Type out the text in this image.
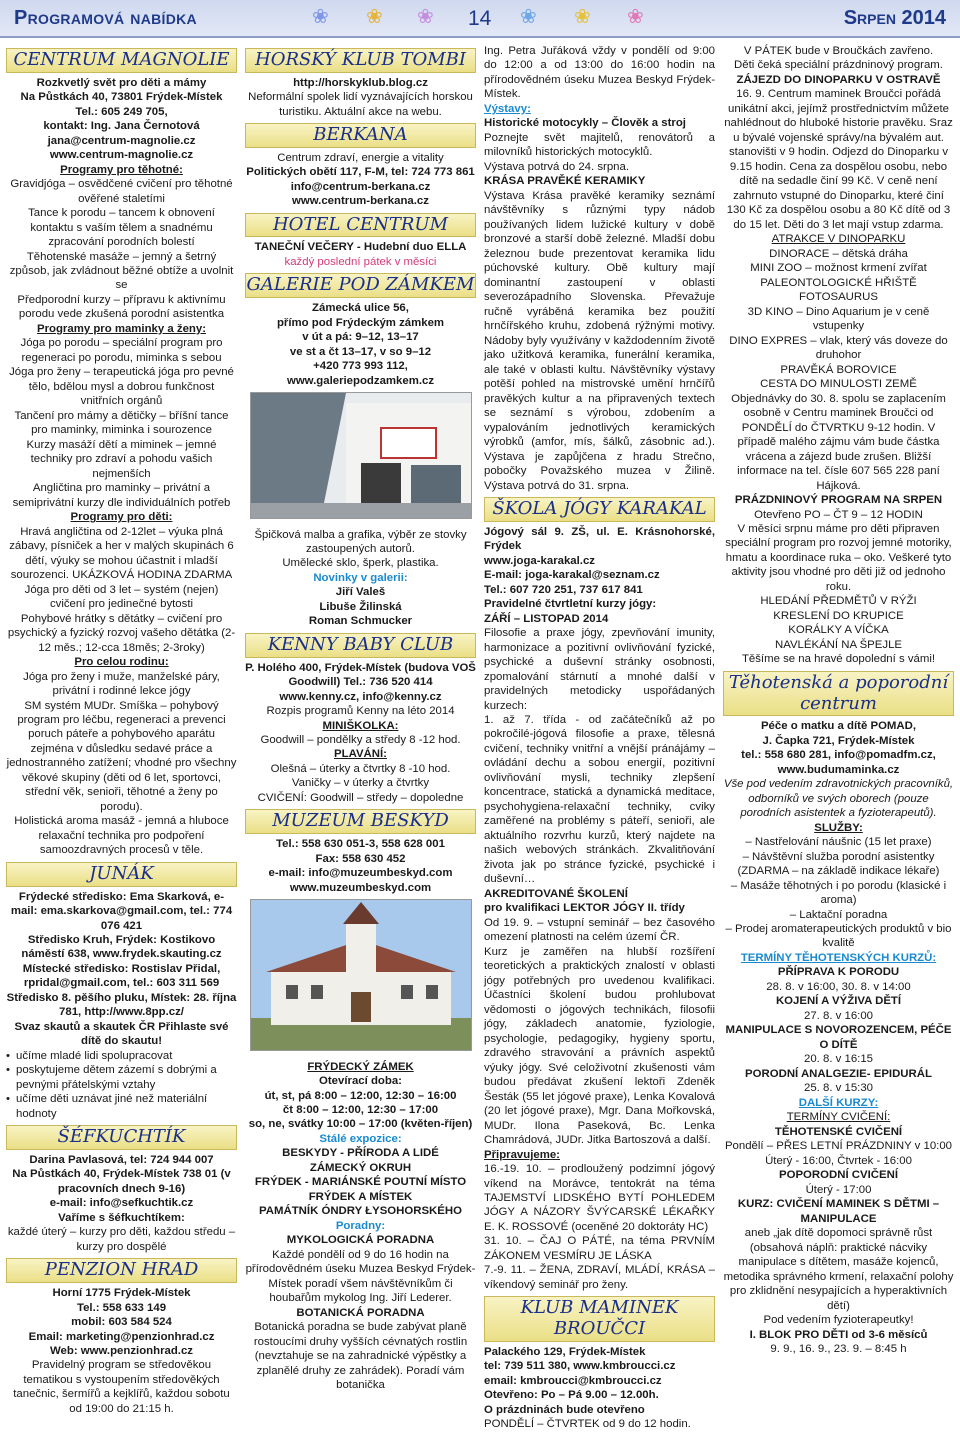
Programová nabídka	❀ ❀ ❀ 14 ❀ ❀ ❀	Srpen 2014
CENTRUM MAGNOLIE

Rozkvetlý svět pro děti a mámy

Na Půstkách 40, 73801 Frýdek-Místek

Tel.: 605 249 705,

kontakt: Ing. Jana Černotová

jana@centrum-magnolie.cz

www.centrum-magnolie.cz

Programy pro těhotné:

Gravidjóga – osvědčené cvičení pro těhotné ověřené staletími

Tance k porodu – tancem k obnovení kontaktu s vaším tělem a snadnému zpracování porodních bolestí

Těhotenské masáže – jemný a šetrný způsob, jak zvládnout běžné obtíže a uvolnit se

Předporodní kurzy – přípravu k aktivnímu porodu vede zkušená porodní asistentka

Programy pro maminky a ženy:

Jóga po porodu – speciální program pro regeneraci po porodu, miminka s sebou

Jóga pro ženy – terapeutická jóga pro pevné tělo, bdělou mysl a dobrou funkčnost vnitřních orgánů

Tančení pro mámy a dětičky – bříšní tance pro maminky, miminka i sourozence

Kurzy masáží dětí a miminek – jemné techniky pro zdraví a pohodu vašich nejmenších

Angličtina pro maminky – privátní a semiprivátní kurzy dle individuálních potřeb

Programy pro děti:

Hravá angličtina od 2-12let – výuka plná zábavy, písniček a her v malých skupinách 6 dětí, výuky se mohou účastnit i mladší sourozenci. UKÁZKOVÁ HODINA ZDARMA

Jóga pro děti od 3 let – systém (nejen) cvičení pro jedinečné bytosti

Pohybové hrátky s dětátky – cvičení pro psychický a fyzický rozvoj vašeho dětátka (2-12 měs.; 12-cca 18měs; 2-3roky)

Pro celou rodinu:

Jóga pro ženy i muže, manželské páry, privátní i rodinné lekce jógy

SM systém MUDr. Smíška – pohybový program pro léčbu, regeneraci a prevenci poruch páteře a pohybového aparátu zejména v důsledku sedavé práce a jednostranného zatížení; vhodné pro všechny věkové skupiny (děti od 6 let, sportovci, střední věk, senioři, těhotné a ženy po porodu).

Holistická aroma masáž - jemná a hluboce relaxační technika pro podpoření samoozdravných procesů v těle.

JUNÁK

Frýdecké středisko: Ema Skarková, e-mail: ema.skarkova@gmail.com, tel.: 774 076 421

Středisko Kruh, Frýdek: Kostikovo náměstí 638, www.frydek.skauting.cz

Místecké středisko: Rostislav Přidal, rpridal@gmail.com, tel.: 603 311 569

Středisko 8. pěšího pluku, Místek: 28. října 781, http://www.8pp.cz/

Svaz skautů a skautek ČR Přihlaste své dítě do skautu!

• učíme mladé lidi spolupracovat
• poskytujeme dětem zázemí s dobrými a pevnými přátelskými vztahy
• učíme děti uznávat jiné než materiální hodnoty
ŠÉFKUCHTÍK

Darina Pavlasová, tel: 724 944 007

Na Půstkách 40, Frýdek-Místek 738 01 (v pracovních dnech 9-16)

e-mail: info@sefkuchtik.cz

Vaříme s šéfkuchtíkem:

každé úterý – kurzy pro děti, každou středu – kurzy pro dospělé

PENZION HRAD

Horní 1775 Frýdek-Místek

Tel.: 558 633 149

mobil: 603 584 524

Email: marketing@penzionhrad.cz

Web: www.penzionhrad.cz

Pravidelný program se středověkou tematikou s vystoupením středověkých tanečnic, šermířů a kejklířů, každou sobotu od 19:00 do 21:15 h.

HORSKÝ KLUB TOMBI

http://horskyklub.blog.cz

Neformální spolek lidí vyznávajících horskou turistiku. Aktuální akce na webu.

BERKANA

Centrum zdraví, energie a vitality

Politických obětí 117, F-M, tel: 724 773 861

info@centrum-berkana.cz

www.centrum-berkana.cz

HOTEL CENTRUM

TANEČNÍ VEČERY - Hudební duo ELLA

každý poslední pátek v měsíci

GALERIE POD ZÁMKEM

Zámecká ulice 56,

přímo pod Frýdeckým zámkem

v út a pá: 9–12, 13–17

ve st a čt 13–17, v so 9–12

+420 773 993 112,

www.galeriepodzamkem.cz

Špičková malba a grafika, výběr ze stovky zastoupených autorů.

Umělecké sklo, šperk, plastika.

Novinky v galerii:

Jiří Valeš

Libuše Žilinská

Roman Schmucker

KENNY BABY CLUB

P. Holého 400, Frýdek-Místek (budova VOŠ Goodwill) Tel.: 736 520 414

www.kenny.cz, info@kenny.cz

Rozpis programů Kenny na léto 2014

MINIŠKOLKA:

Goodwill – pondělky a středy 8 -12 hod.

PLAVÁNÍ:

Olešná – úterky a čtvrtky 8 -10 hod.

Vaničky – v úterky a čtvrtky

CVIČENÍ: Goodwill – středy – dopoledne

MUZEUM BESKYD

Tel.: 558 630 051-3, 558 628 001

Fax: 558 630 452

e-mail: info@muzeumbeskyd.com

www.muzeumbeskyd.com

FRÝDECKÝ ZÁMEK

Otevírací doba:

út, st, pá 8:00 – 12:00, 12:30 – 16:00

čt 8:00 – 12:00, 12:30 – 17:00

so, ne, svátky 10:00 – 17:00 (květen-říjen)

Stálé expozice:

BESKYDY - PŘÍRODA A LIDÉ

ZÁMECKÝ OKRUH

FRÝDEK - MARIÁNSKÉ POUTNÍ MÍSTO

FRÝDEK A MÍSTEK

PAMÁTNÍK ÓNDRY ŁYSOHORSKÉHO

Poradny:

MYKOLOGICKÁ PORADNA

Každé pondělí od 9 do 16 hodin na přírodovědném úseku Muzea Beskyd Frýdek-Místek poradí všem návštěvníkům či houbařům mykolog Ing. Jiří Lederer.

BOTANICKÁ PORADNA

Botanická poradna se bude zabývat planě rostoucími druhy vyšších cévnatých rostlin (nevztahuje se na zahradnické výpěstky a zplanělé druhy ze zahrádek). Poradí vám botanička

Ing. Petra Juřáková vždy v pondělí od 9:00 do 12:00 a od 13:00 do 16:00 hodin na přírodovědném úseku Muzea Beskyd Frýdek-Místek.

Výstavy:

Historické motocykly – Člověk a stroj

Poznejte svět majitelů, renovátorů a milovníků historických motocyklů.

Výstava potrvá do 24. srpna.

KRÁSA PRAVĚKÉ KERAMIKY

Výstava Krása pravěké keramiky seznámí návštěvníky s různými typy nádob používaných lidem lužické kultury v době bronzové a starší době železné. Mladší dobu železnou bude prezentovat keramika lidu púchovské kultury. Obě kultury mají dominantní zastoupení v oblasti severozápadního Slovenska. Převažuje ručně vyráběná keramika bez použití hrnčířského kruhu, zdobená rýžnými motivy. Nádoby byly využívány v každodenním životě jako užitková keramika, funerální keramika, ale také v oblasti kultu. Návštěvníky výstavy potěší pohled na mistrovské umění hrnčířů pravěkých kultur a na připravených textech se seznámí s výrobou, zdobením a vypalováním jednotlivých keramických výrobků (amfor, mís, šálků, zásobnic ad.). Výstava je zapůjčena z hradu Strečno, pobočky Považského muzea v Žilině. Výstava potrvá do 31. srpna.

ŠKOLA JÓGY KARAKAL

Jógový sál 9. ZŠ, ul. E. Krásnohorské, Frýdek

www.joga-karakal.cz

E-mail: joga-karakal@seznam.cz

Tel.: 607 720 251, 737 617 841

Pravidelné čtvrtletní kurzy jógy:

ZÁŘÍ – LISTOPAD 2014

Filosofie a praxe jógy, zpevňování imunity, harmonizace a pozitivní ovlivňování fyzické, psychické a duševní stránky osobnosti, zpomalování stárnutí a mnohé další v pravidelných metodicky uspořádaných kurzech:

1. až 7. třída - od začátečníků až po pokročilé-jógová filosofie a praxe, tělesná cvičení, techniky vnitřní a vnější pránájámy – ovládání dechu a sobou energií, pozitivní ovlivňování mysli, techniky zlepšení koncentrace, statická a dynamická meditace, psychohygiena-relaxační techniky, cviky zaměřené na problémy s páteří, senioři, ale aktuálního rozvrhu kurzů, který najdete na našich webových stránkách. Zkvalitňování života jak po stránce fyzické, psychické i duševní…

AKREDITOVANÉ ŠKOLENÍ

pro kvalifikaci LEKTOR JÓGY II. třídy

Od 19. 9. – vstupní seminář – bez časového omezení platnosti na celém území ČR.

Kurz je zaměřen na hlubší rozšíření teoretických a praktických znalostí v oblasti jógy potřebných pro uvedenou kvalifikaci. Účastníci školení budou prohlubovat vědomosti o jógových technikách, filosofii jógy, základech anatomie, fyziologie, psychologie, pedagogiky, hygieny sportu, zdravého stravování a právních aspektů výuky jógy. Své celoživotní zkušenosti vám budou předávat zkušení lektoři Zdeněk Šesták (55 let jógové praxe), Lenka Kovalová (20 let jógové praxe), Mgr. Dana Mořkovská, MUDr. Ilona Paseková, Bc. Lenka Chamrádová, JUDr. Jitka Bartoszová a další.

Připravujeme:

16.-19. 10. – prodloužený podzimní jógový víkend na Morávce, tentokrát na téma TAJEMSTVÍ LIDSKÉHO BYTÍ POHLEDEM JÓGY A NÁZORY ŠVÝCARSKÉ LÉKAŘKY E. K. ROSSOVÉ (oceněné 20 doktoráty HC)

31. 10. – ČAJ O PÁTÉ, na téma PRVNÍM ZÁKONEM VESMÍRU JE LÁSKA

7.-9. 11. – ŽENA, ZDRAVÍ, MLÁDÍ, KRÁSA – víkendový seminář pro ženy.

KLUB MAMINEK BROUČCI

Palackého 129, Frýdek-Místek

tel: 739 511 380, www.kmbroucci.cz

email: kmbroucci@kmbroucci.cz

Otevřeno: Po – Pá 9.00 – 12.00h.

O prázdninách bude otevřeno

PONDĚLÍ – ČTVRTEK od 9 do 12 hodin.

V PÁTEK bude v Broučkách zavřeno.

Děti čeká speciální prázdninový program.

ZÁJEZD DO DINOPARKU V OSTRAVĚ

16. 9. Centrum maminek Broučci pořádá unikátní akci, jejímž prostřednictvím můžete nahlédnout do hluboké historie pravěku. Sraz u bývalé vojenské správy/na bývalém aut. stanovišti v 9 hodin. Odjezd do Dinoparku v 9.15 hodin. Cena za dospělou osobu, nebo dítě na sedadle činí 99 Kč. V ceně není zahrnuto vstupné do Dinoparku, které činí 130 Kč za dospělou osobu a 80 Kč dítě od 3 do 15 let. Děti do 3 let mají vstup zdarma.

ATRAKCE V DINOPARKU

DINORACE – dětská dráha

MINI ZOO – možnost krmení zvířat

PALEONTOLOGICKÉ HŘIŠTĚ

FOTOSAURUS

3D KINO – Dino Aquarium je v ceně vstupenky

DINO EXPRES – vlak, který vás doveze do druhohor

PRAVĚKÁ BOROVICE

CESTA DO MINULOSTI ZEMĚ

Objednávky do 30. 8. spolu se zaplacením osobně v Centru maminek Broučci od PONDĚLÍ do ČTVRTKU 9-12 hodin. V případě malého zájmu vám bude částka vrácena a zájezd bude zrušen. Bližší informace na tel. čísle 607 565 228 paní Hájková.

PRÁZDNINOVÝ PROGRAM NA SRPEN

Otevřeno PO – ČT 9 – 12 HODIN

V měsíci srpnu máme pro děti připraven speciální program pro rozvoj jemné motoriky, hmatu a koordinace ruka – oko. Veškeré tyto aktivity jsou vhodné pro děti již od jednoho roku.

HLEDÁNÍ PŘEDMĚTŮ V RÝŽI

KRESLENÍ DO KRUPICE

KORÁLKY A VÍČKA

NAVLÉKÁNÍ NA ŠPEJLE

Těšíme se na hravé dopolední s vámi!

Těhotenská a poporodní centrum

Péče o matku a dítě POMAD,

J. Čapka 721, Frýdek-Místek

tel.: 558 680 281, info@pomadfm.cz,

www.budumaminka.cz

Vše pod vedením zdravotnických pracovníků, odborníků ve svých oborech (pouze porodních asistentek a fyzioterapeutů).

SLUŽBY:

– Nastřelování náušnic (15 let praxe)

– Návštěvní služba porodní asistentky (ZDARMA – na základě indikace lékaře)

– Masáže těhotných i po porodu (klasické i aroma)

– Laktační poradna

– Prodej aromaterapeutických produktů v bio kvalitě

TERMÍNY TĚHOTENSKÝCH KURZŮ:

PŘÍPRAVA K PORODU

28. 8. v 16:00, 30. 8. v 14:00

KOJENÍ A VÝŽIVA DĚTÍ

27. 8. v 16:00

MANIPULACE S NOVOROZENCEM, PÉČE O DÍTĚ

20. 8. v 16:15

PORODNÍ ANALGEZIE- EPIDURÁL

25. 8. v 15:30

DALŠÍ KURZY:

TERMÍNY CVIČENÍ:

TĚHOTENSKÉ CVIČENÍ

Pondělí – PŘES LETNÍ PRÁZDNINY v 10:00

Úterý - 16:00, Čtvrtek - 16:00

POPORODNÍ CVIČENÍ

Úterý - 17:00

KURZ: CVIČENÍ MAMINEK S DĚTMI – MANIPULACE

aneb „jak dítě dopomoci správně růst (obsahová náplň: praktické nácviky manipulace s dítětem, masáže kojenců, metodika správného krmení, relaxační polohy pro zklidnění nesypajících a hyperaktivních dětí)

Pod vedením fyzioterapeutky!

I. BLOK PRO DĚTI od 3-6 měsíců

9. 9., 16. 9., 23. 9. – 8:45 h
